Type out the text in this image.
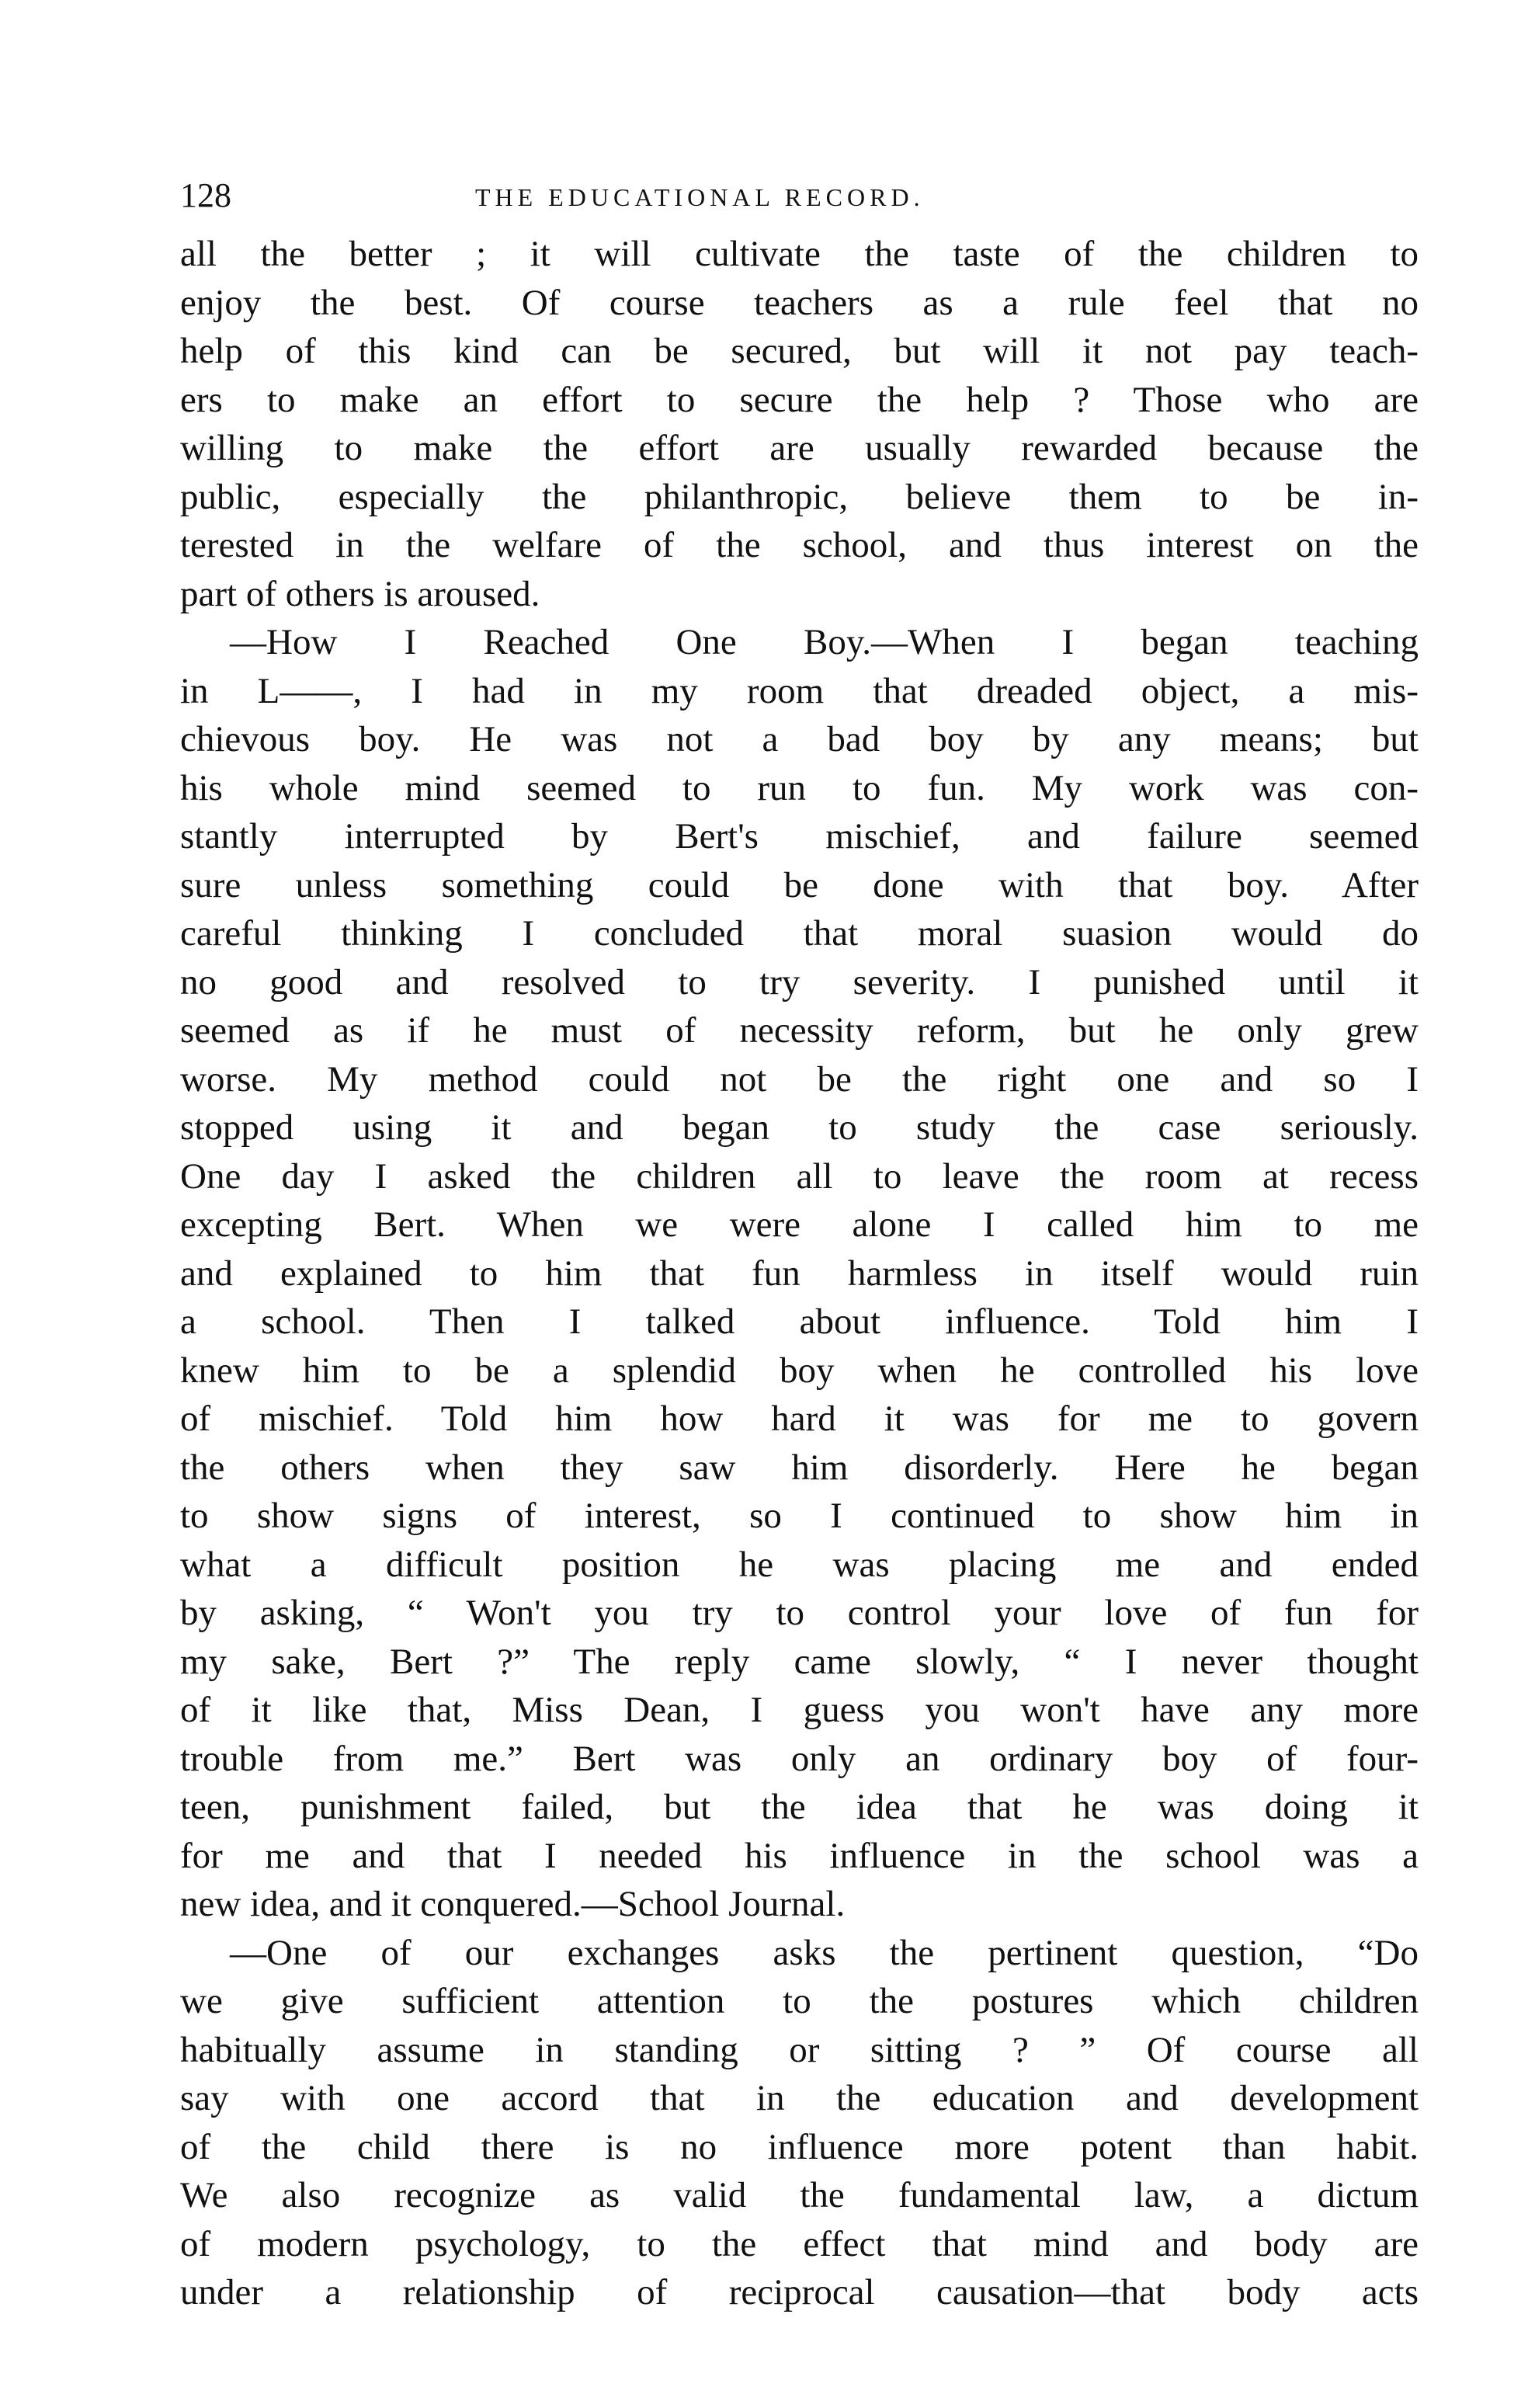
128	THE EDUCATIONAL RECORD.
all the better ; it will cultivate the taste of the children to
enjoy the best. Of course teachers as a rule feel that no
help of this kind can be secured, but will it not pay teach-
ers to make an effort to secure the help ? Those who are
willing to make the effort are usually rewarded because the
public, especially the philanthropic, believe them to be in-
terested in the welfare of the school, and thus interest on the
part of others is aroused.
—How I Reached One Boy.—When I began teaching
in L——, I had in my room that dreaded object, a mis-
chievous boy. He was not a bad boy by any means; but
his whole mind seemed to run to fun. My work was con-
stantly interrupted by Bert's mischief, and failure seemed
sure unless something could be done with that boy. After
careful thinking I concluded that moral suasion would do
no good and resolved to try severity. I punished until it
seemed as if he must of necessity reform, but he only grew
worse. My method could not be the right one and so I
stopped using it and began to study the case seriously.
One day I asked the children all to leave the room at recess
excepting Bert. When we were alone I called him to me
and explained to him that fun harmless in itself would ruin
a school. Then I talked about influence. Told him I
knew him to be a splendid boy when he controlled his love
of mischief. Told him how hard it was for me to govern
the others when they saw him disorderly. Here he began
to show signs of interest, so I continued to show him in
what a difficult position he was placing me and ended
by asking, “ Won't you try to control your love of fun for
my sake, Bert ?” The reply came slowly, “ I never thought
of it like that, Miss Dean, I guess you won't have any more
trouble from me.” Bert was only an ordinary boy of four-
teen, punishment failed, but the idea that he was doing it
for me and that I needed his influence in the school was a
new idea, and it conquered.—School Journal.
—One of our exchanges asks the pertinent question, “Do
we give sufficient attention to the postures which children
habitually assume in standing or sitting ? ” Of course all
say with one accord that in the education and development
of the child there is no influence more potent than habit.
We also recognize as valid the fundamental law, a dictum
of modern psychology, to the effect that mind and body are
under a relationship of reciprocal causation—that body acts
